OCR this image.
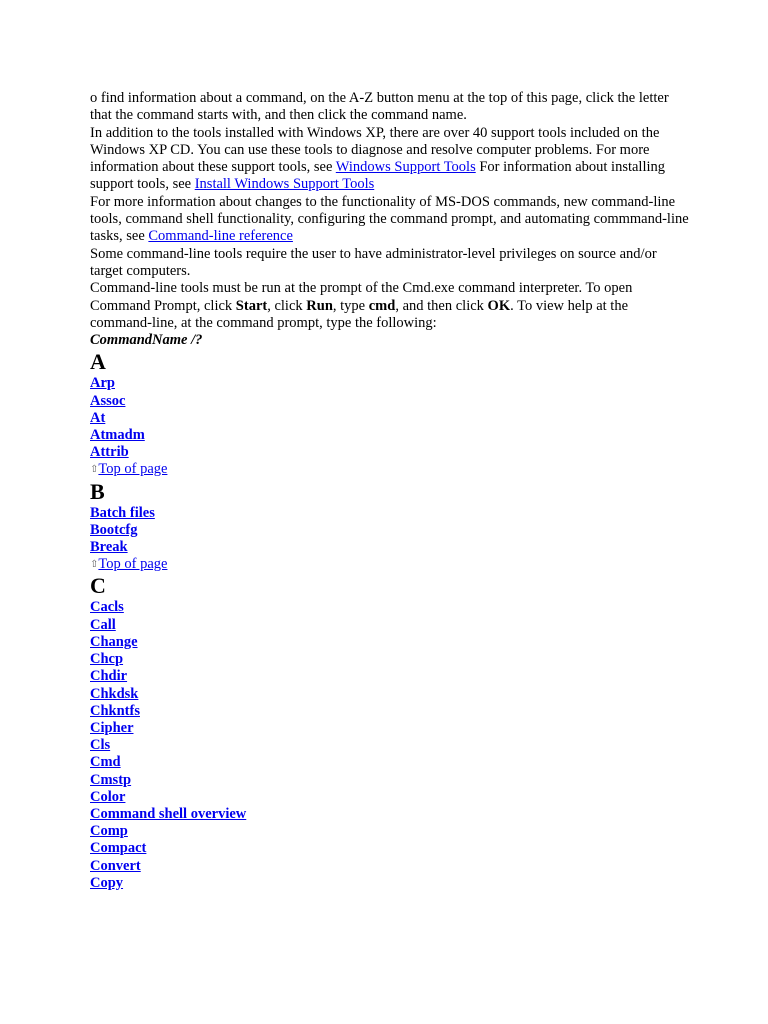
o find information about a command, on the A-Z button menu at the top of this page, click the letter that the command starts with, and then click the command name.

In addition to the tools installed with Windows XP, there are over 40 support tools included on the Windows XP CD. You can use these tools to diagnose and resolve computer problems. For more information about these support tools, see Windows Support Tools For information about installing support tools, see Install Windows Support Tools

For more information about changes to the functionality of MS-DOS commands, new command-line tools, command shell functionality, configuring the command prompt, and automating commmand-line tasks, see Command-line reference

Some command-line tools require the user to have administrator-level privileges on source and/or target computers.

Command-line tools must be run at the prompt of the Cmd.exe command interpreter. To open Command Prompt, click Start, click Run, type cmd, and then click OK. To view help at the command-line, at the command prompt, type the following:

CommandName /?

A

Arp
Assoc
At
Atmadm
Attrib
⇧Top of page

B

Batch files
Bootcfg
Break
⇧Top of page

C

Cacls
Call
Change
Chcp
Chdir
Chkdsk
Chkntfs
Cipher
Cls
Cmd
Cmstp
Color
Command shell overview
Comp
Compact
Convert
Copy
